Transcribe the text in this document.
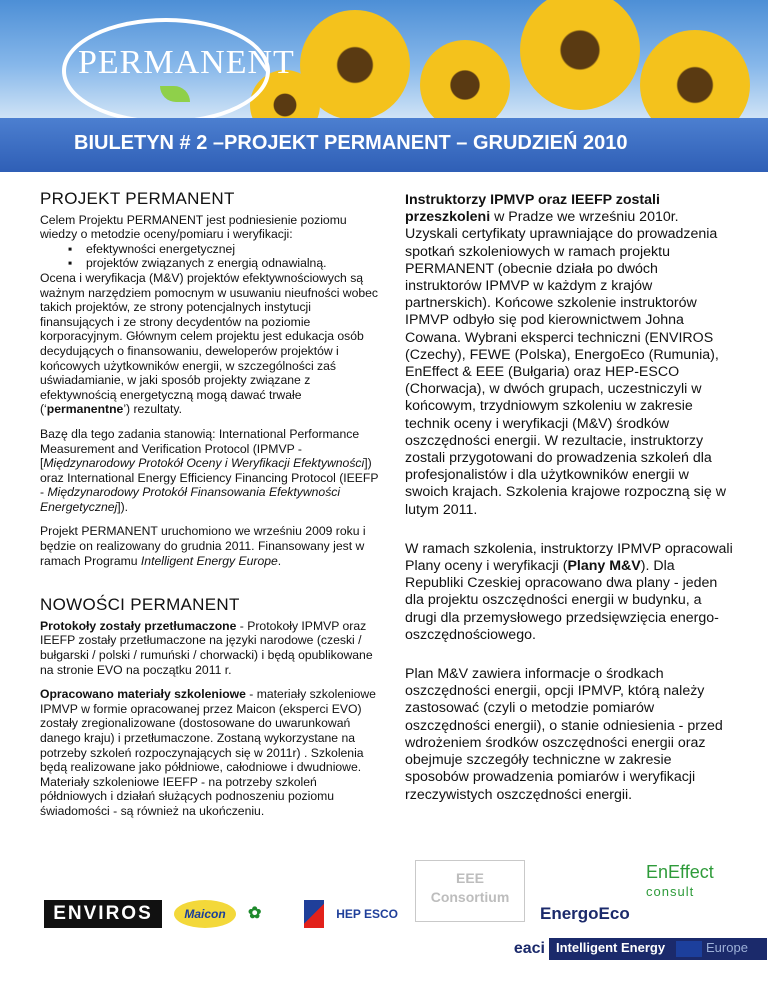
PERMANENT
BIULETYN # 2 –PROJEKT PERMANENT – GRUDZIEŃ 2010
PROJEKT PERMANENT

Celem Projektu PERMANENT jest podniesienie poziomu wiedzy o metodzie oceny/pomiaru i weryfikacji:

▪ efektywności energetycznej
▪ projektów związanych z energią odnawialną.

Ocena i weryfikacja (M&V) projektów efektywnościowych są ważnym narzędziem pomocnym w usuwaniu nieufności wobec takich projektów, ze strony potencjalnych instytucji finansujących i ze strony decydentów na poziomie korporacyjnym. Głównym celem projektu jest edukacja osób decydujących o finansowaniu, deweloperów projektów i końcowych użytkowników energii, w szczególności zaś uświadamianie, w jaki sposób projekty związane z efektywnością energetyczną mogą dawać trwałe (‘permanentne’) rezultaty.

Bazę dla tego zadania stanowią: International Performance Measurement and Verification Protocol (IPMVP - [Międzynarodowy Protokół Oceny i Weryfikacji Efektywności]) oraz International Energy Efficiency Financing Protocol (IEEFP - Międzynarodowy Protokół Finansowania Efektywności Energetycznej]).

Projekt PERMANENT uruchomiono we wrześniu 2009 roku i będzie on realizowany do grudnia 2011. Finansowany jest w ramach Programu Intelligent Energy Europe.

NOWOŚCI PERMANENT

Protokoły zostały przetłumaczone - Protokoły IPMVP oraz IEEFP zostały przetłumaczone na języki narodowe (czeski / bułgarski / polski / rumuński / chorwacki) i będą opublikowane na stronie EVO na początku 2011 r.

Opracowano materiały szkoleniowe - materiały szkoleniowe IPMVP w formie opracowanej przez Maicon (eksperci EVO) zostały zregionalizowane (dostosowane do uwarunkowań danego kraju) i przetłumaczone. Zostaną wykorzystane na potrzeby szkoleń rozpoczynających się w 2011r) . Szkolenia będą realizowane jako półdniowe, całodniowe i dwudniowe. Materiały szkoleniowe IEEFP - na potrzeby szkoleń półdniowych i działań służących podnoszeniu poziomu świadomości - są również na ukończeniu.

Instruktorzy IPMVP oraz IEEFP zostali przeszkoleni w Pradze we wrześniu 2010r. Uzyskali certyfikaty uprawniające do prowadzenia spotkań szkoleniowych w ramach projektu PERMANENT (obecnie działa po dwóch instruktorów IPMVP w każdym z krajów partnerskich). Końcowe szkolenie instruktorów IPMVP odbyło się pod kierownictwem Johna Cowana. Wybrani eksperci techniczni (ENVIROS (Czechy), FEWE (Polska), EnergoEco (Rumunia), EnEffect & EEE (Bułgaria) oraz HEP-ESCO (Chorwacja), w dwóch grupach, uczestniczyli w końcowym, trzydniowym szkoleniu w zakresie technik oceny i weryfikacji (M&V) środków oszczędności energii. W rezultacie, instruktorzy zostali przygotowani do prowadzenia szkoleń dla profesjonalistów i dla użytkowników energii w swoich krajach. Szkolenia krajowe rozpoczną się w lutym 2011.

W ramach szkolenia, instruktorzy IPMVP opracowali Plany oceny i weryfikacji (Plany M&V). Dla Republiki Czeskiej opracowano dwa plany - jeden dla projektu oszczędności energii w budynku, a drugi dla przemysłowego przedsięwzięcia energo-oszczędnościowego.

Plan M&V zawiera informacje o środkach oszczędności energii, opcji IPMVP, którą należy zastosować (czyli o metodzie pomiarów oszczędności energii), o stanie odniesienia - przed wdrożeniem środków oszczędności energii oraz obejmuje szczegóły techniczne w zakresie sposobów prowadzenia pomiarów i weryfikacji rzeczywistych oszczędności energii.

ENVIROS	Maicon	✿	HEP ESCO
EEE
Consortium
EnergoEco
EnEffect
consult
eaci Intelligent Energy	Europe
